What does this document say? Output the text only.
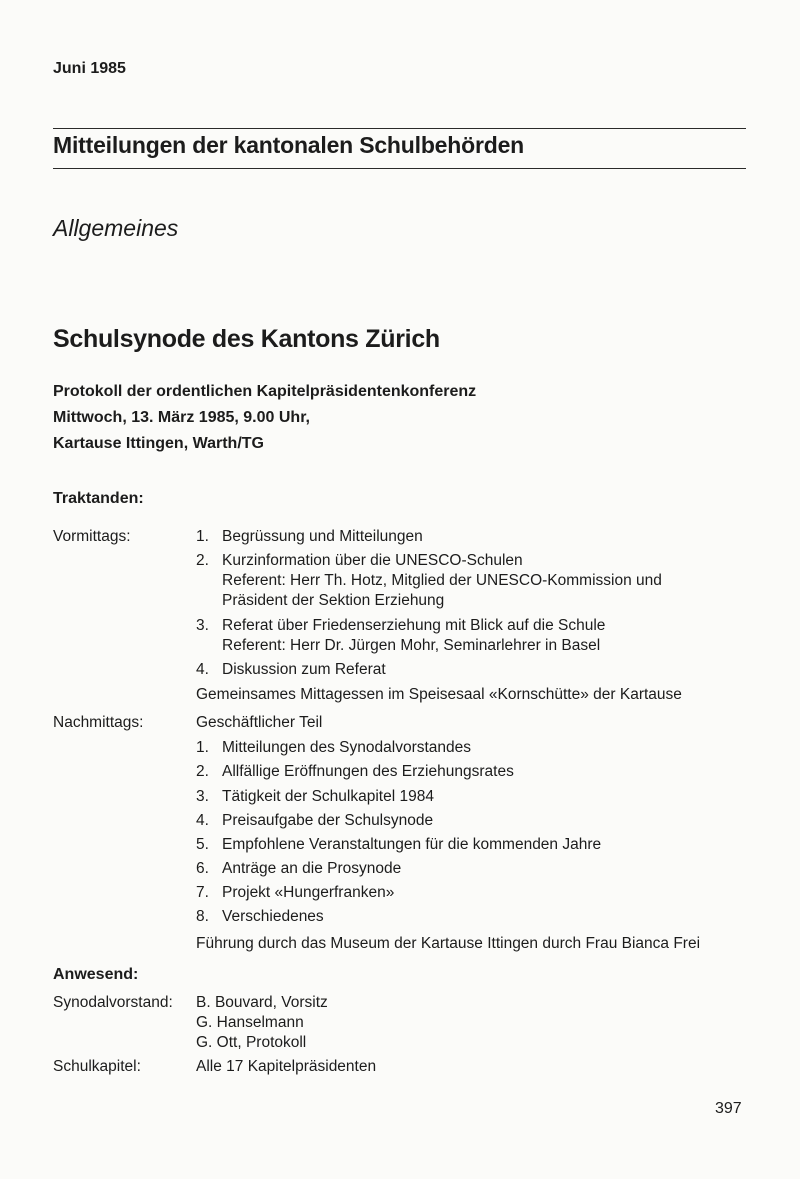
Juni 1985
Mitteilungen der kantonalen Schulbehörden
Allgemeines
Schulsynode des Kantons Zürich
Protokoll der ordentlichen Kapitelpräsidentenkonferenz
Mittwoch, 13. März 1985, 9.00 Uhr,
Kartause Ittingen, Warth/TG
Traktanden:
Vormittags:	1. Begrüssung und Mitteilungen
2. Kurzinformation über die UNESCO-Schulen
Referent: Herr Th. Hotz, Mitglied der UNESCO-Kommission und
Präsident der Sektion Erziehung
3. Referat über Friedenserziehung mit Blick auf die Schule
Referent: Herr Dr. Jürgen Mohr, Seminarlehrer in Basel
4. Diskussion zum Referat
Gemeinsames Mittagessen im Speisesaal «Kornschütte» der Kartause
Nachmittags:	Geschäftlicher Teil
1. Mitteilungen des Synodalvorstandes
2. Allfällige Eröffnungen des Erziehungsrates
3. Tätigkeit der Schulkapitel 1984
4. Preisaufgabe der Schulsynode
5. Empfohlene Veranstaltungen für die kommenden Jahre
6. Anträge an die Prosynode
7. Projekt «Hungerfranken»
8. Verschiedenes
Führung durch das Museum der Kartause Ittingen durch Frau Bianca Frei
Anwesend:
Synodalvorstand: B. Bouvard, Vorsitz
G. Hanselmann
G. Ott, Protokoll
Schulkapitel:	Alle 17 Kapitelpräsidenten
397
